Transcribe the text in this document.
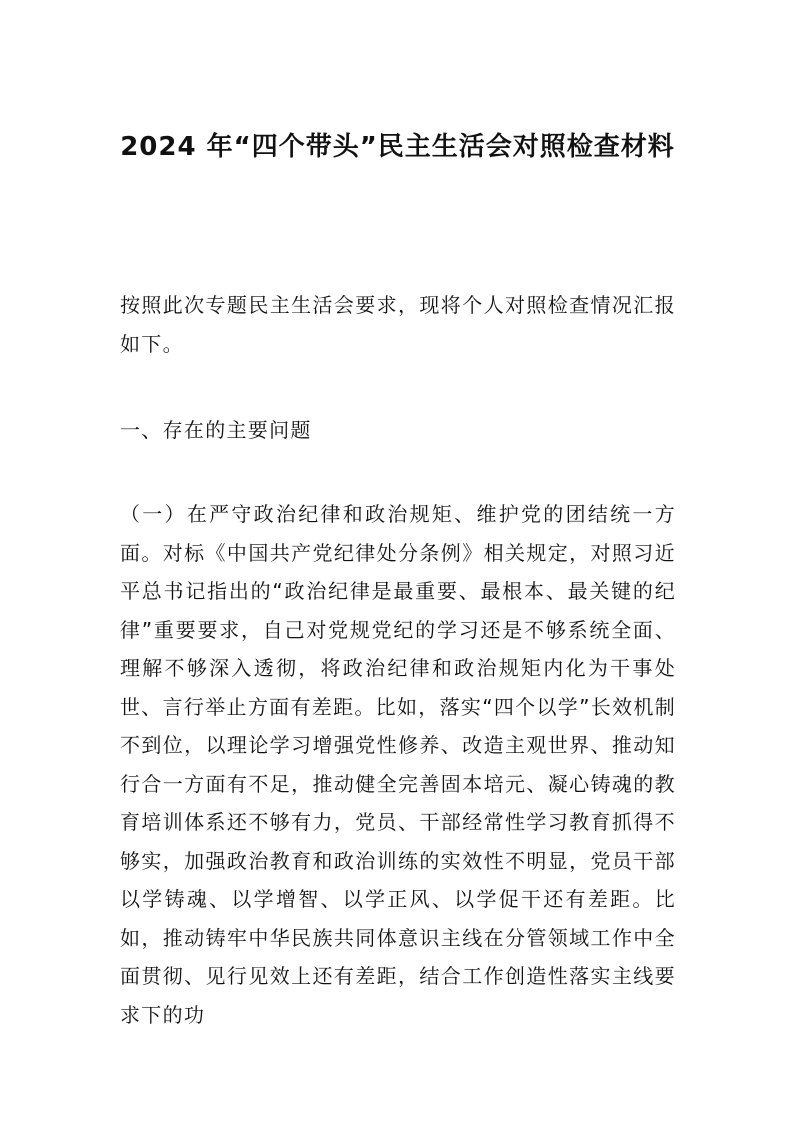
2024 年“四个带头”民主生活会对照检查材料

按照此次专题民主生活会要求，现将个人对照检查情况汇报如下。

一、存在的主要问题

（一）在严守政治纪律和政治规矩、维护党的团结统一方面。对标《中国共产党纪律处分条例》相关规定，对照习近平总书记指出的“政治纪律是最重要、最根本、最关键的纪律”重要要求，自己对党规党纪的学习还是不够系统全面、理解不够深入透彻，将政治纪律和政治规矩内化为干事处世、言行举止方面有差距。比如，落实“四个以学”长效机制不到位，以理论学习增强党性修养、改造主观世界、推动知行合一方面有不足，推动健全完善固本培元、凝心铸魂的教育培训体系还不够有力，党员、干部经常性学习教育抓得不够实，加强政治教育和政治训练的实效性不明显，党员干部以学铸魂、以学增智、以学正风、以学促干还有差距。比如，推动铸牢中华民族共同体意识主线在分管领域工作中全面贯彻、见行见效上还有差距，结合工作创造性落实主线要求下的功
